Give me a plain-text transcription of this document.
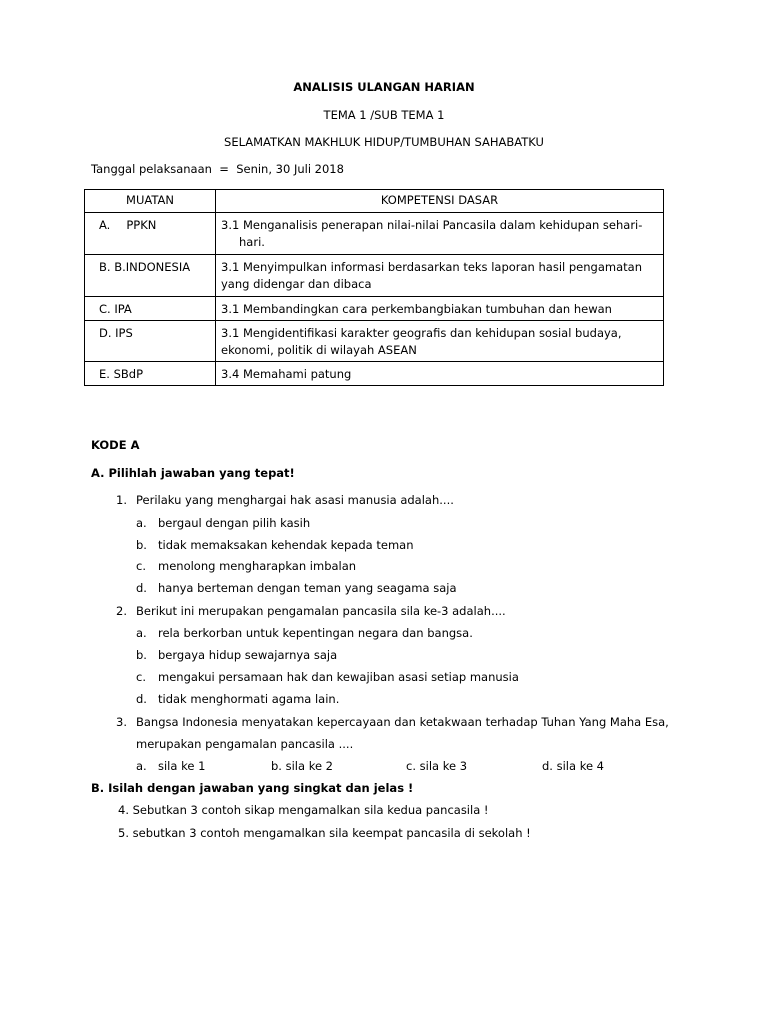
ANALISIS ULANGAN HARIAN
TEMA 1 /SUB TEMA 1
SELAMATKAN MAKHLUK HIDUP/TUMBUHAN SAHABATKU
Tanggal pelaksanaan  =  Senin, 30 Juli 2018
MUATAN	KOMPETENSI DASAR
A. PPKN	3.1 Menganalisis penerapan nilai-nilai Pancasila dalam kehidupan sehari-
hari.

B. B.INDONESIA	3.1 Menyimpulkan informasi berdasarkan teks laporan hasil pengamatan
yang didengar dan dibaca

C. IPA	3.1 Membandingkan cara perkembangbiakan tumbuhan dan hewan

D. IPS	3.1 Mengidentifikasi karakter geografis dan kehidupan sosial budaya,
ekonomi, politik di wilayah ASEAN

E. SBdP	3.4 Memahami patung
KODE A
A. Pilihlah jawaban yang tepat!
1. Perilaku yang menghargai hak asasi manusia adalah....
a. bergaul dengan pilih kasih
b. tidak memaksakan kehendak kepada teman
c. menolong mengharapkan imbalan
d. hanya berteman dengan teman yang seagama saja
2. Berikut ini merupakan pengamalan pancasila sila ke-3 adalah....
a. rela berkorban untuk kepentingan negara dan bangsa.
b. bergaya hidup sewajarnya saja
c. mengakui persamaan hak dan kewajiban asasi setiap manusia
d. tidak menghormati agama lain.
3. Bangsa Indonesia menyatakan kepercayaan dan ketakwaan terhadap Tuhan Yang Maha Esa,
merupakan pengamalan pancasila ....
a. sila ke 1	b. sila ke 2	c. sila ke 3	d. sila ke 4
B. Isilah dengan jawaban yang singkat dan jelas !
4. Sebutkan 3 contoh sikap mengamalkan sila kedua pancasila !
5. sebutkan 3 contoh mengamalkan sila keempat pancasila di sekolah !
